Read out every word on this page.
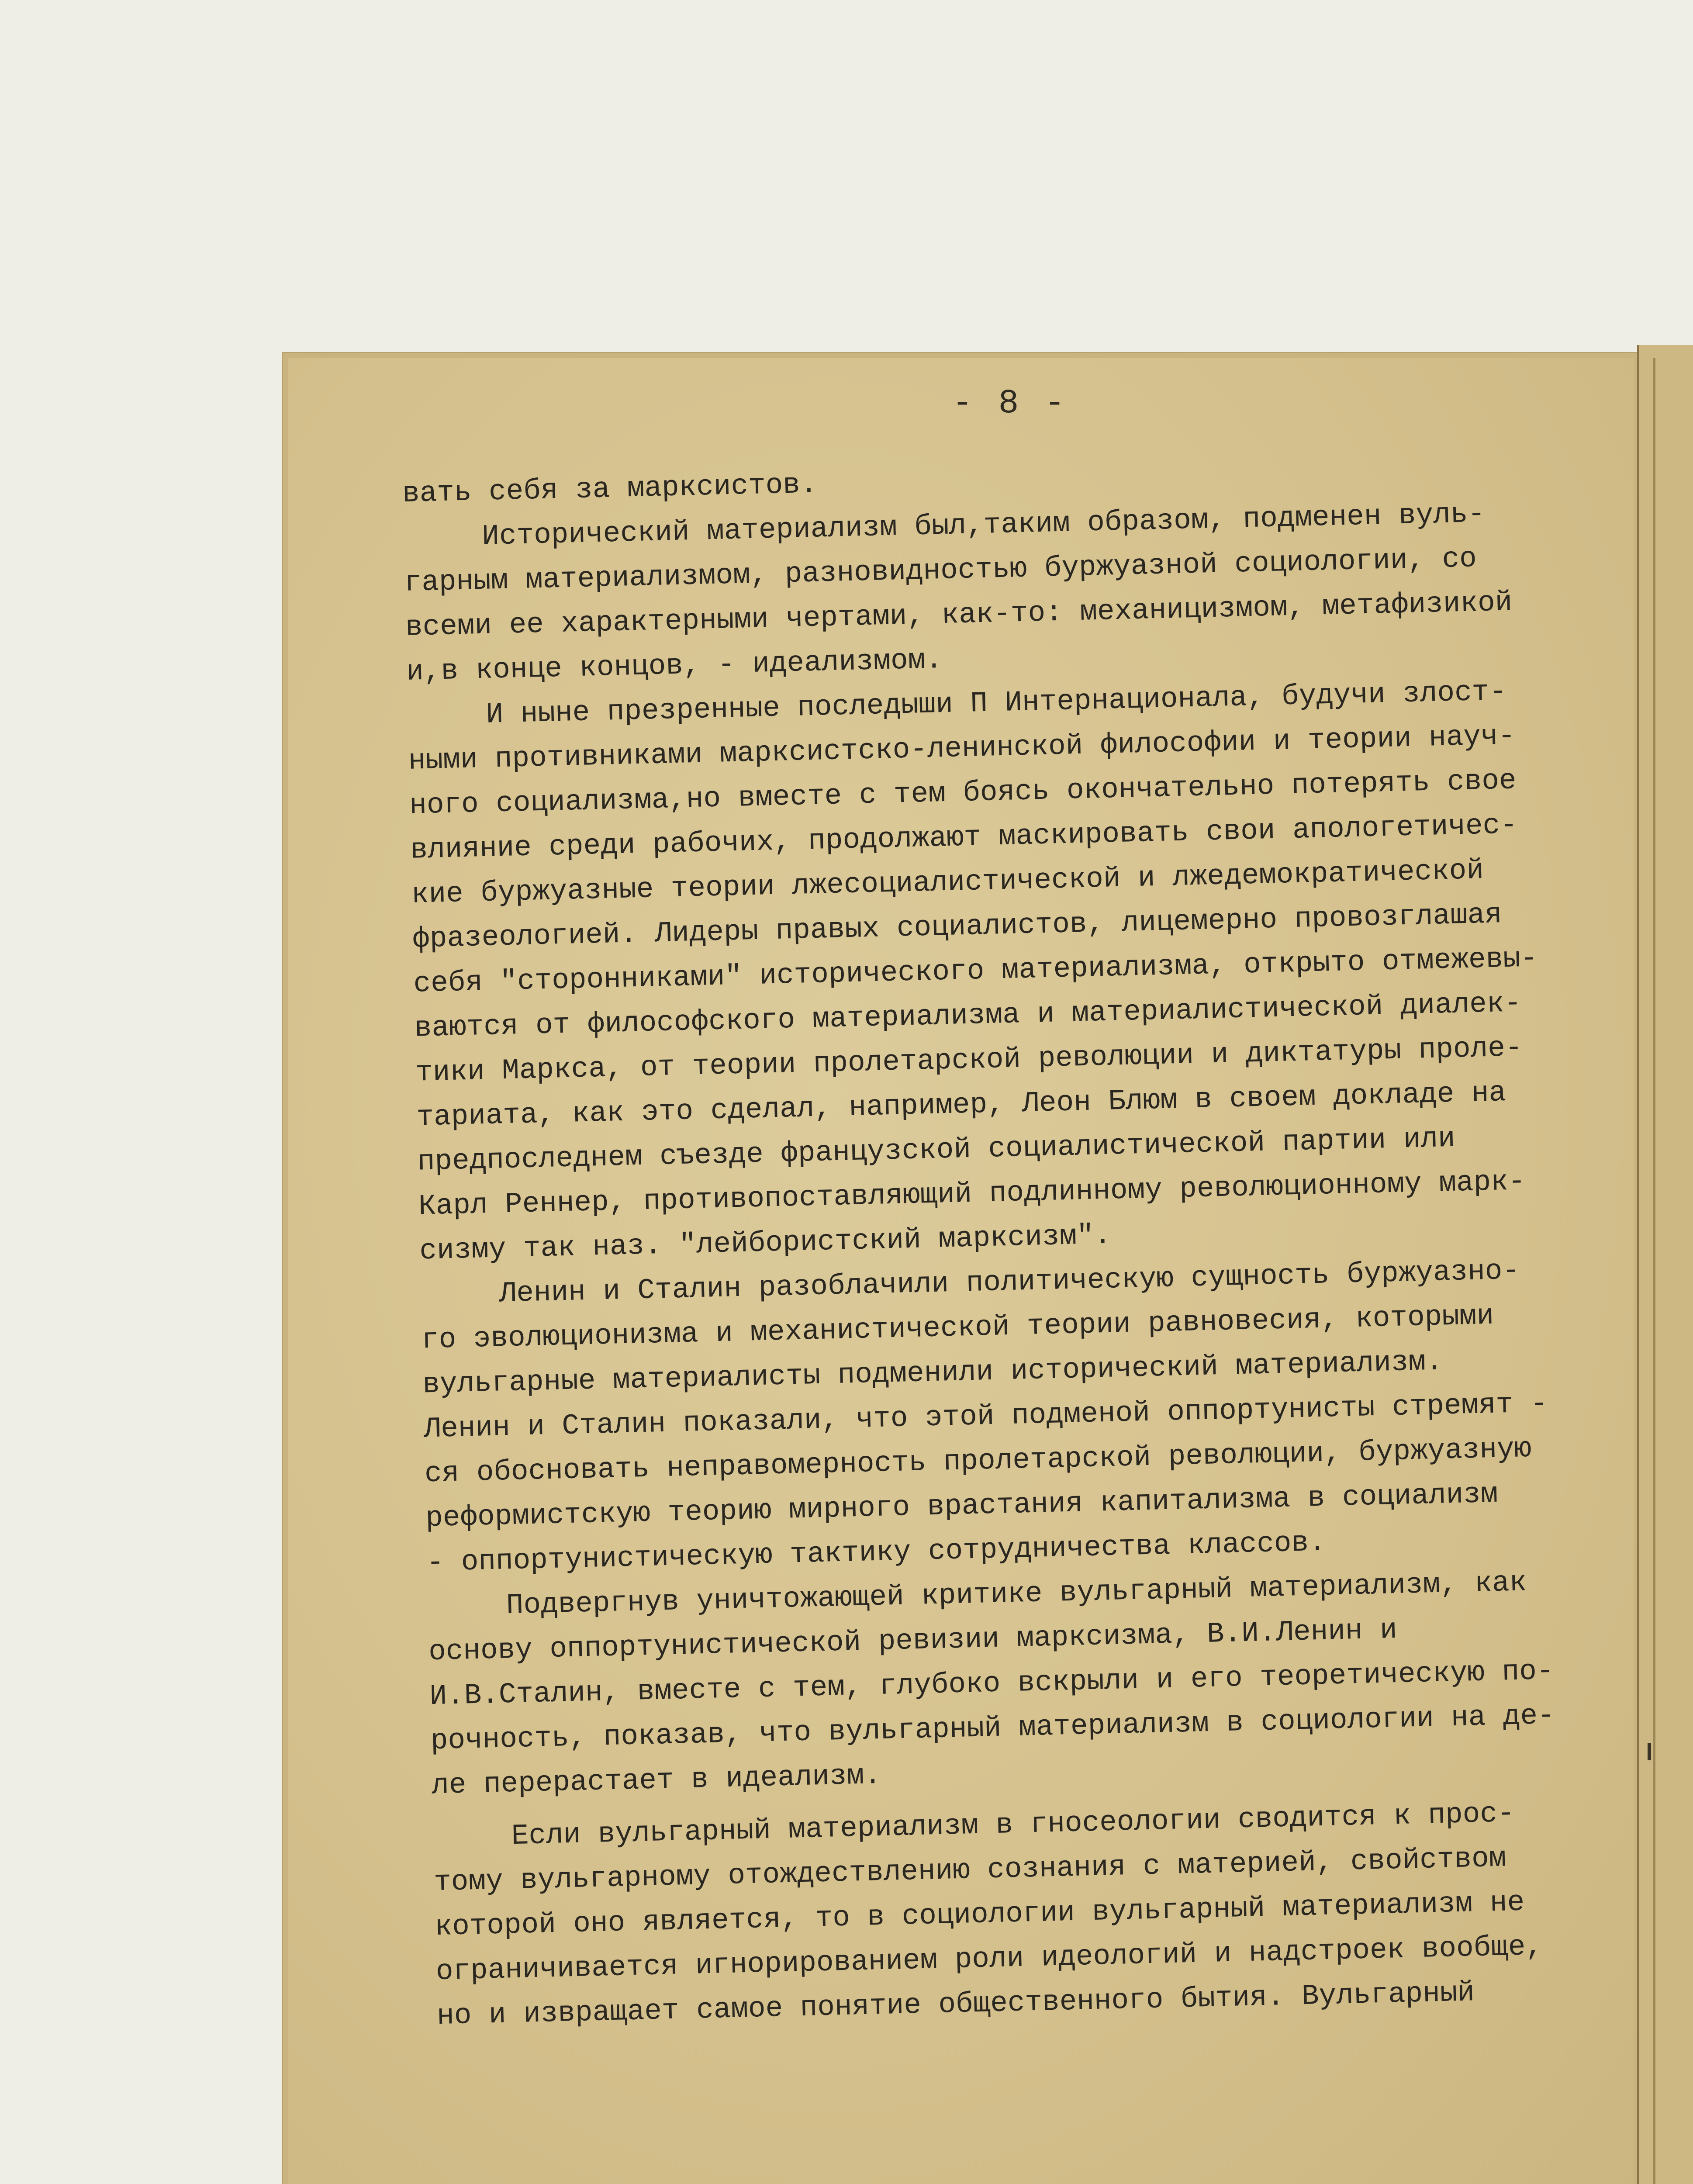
- 8 -
вать себя за марксистов.
Исторический материализм был,таким образом, подменен вуль-
гарным материализмом, разновидностью буржуазной социологии, со
всеми ее характерными чертами, как-то: механицизмом, метафизикой
и,в конце концов, - идеализмом.
И ныне презренные последыши П Интернационала, будучи злост-
ными противниками марксистско-ленинской философии и теории науч-
ного социализма,но вместе с тем боясь окончательно потерять свое
влияние среди рабочих, продолжают маскировать свои апологетичес-
кие буржуазные теории лжесоциалистической и лжедемократической
фразеологией. Лидеры правых социалистов, лицемерно провозглашая
себя "сторонниками" исторического материализма, открыто отмежевы-
ваются от философского материализма и материалистической диалек-
тики Маркса, от теории пролетарской революции и диктатуры проле-
тариата, как это сделал, например, Леон Блюм в своем докладе на
предпоследнем съезде французской социалистической партии или
Карл Реннер, противопоставляющий подлинному революционному марк-
сизму так наз. "лейбористский марксизм".
Ленин и Сталин разоблачили политическую сущность буржуазно-
го эволюционизма и механистической теории равновесия, которыми
вульгарные материалисты подменили исторический материализм.
Ленин и Сталин показали, что этой подменой оппортунисты стремят -
ся обосновать неправомерность пролетарской революции, буржуазную
реформистскую теорию мирного врастания капитализма в социализм
- оппортунистическую тактику сотрудничества классов.
Подвергнув уничтожающей критике вульгарный материализм, как
основу оппортунистической ревизии марксизма, В.И.Ленин и
И.В.Сталин, вместе с тем, глубоко вскрыли и его теоретическую по-
рочность, показав, что вульгарный материализм в социологии на де-
ле перерастает в идеализм.
Если вульгарный материализм в гносеологии сводится к прос-
тому вульгарному отождествлению сознания с материей, свойством
которой оно является, то в социологии вульгарный материализм не
ограничивается игнорированием роли идеологий и надстроек вообще,
но и извращает самое понятие общественного бытия. Вульгарный
